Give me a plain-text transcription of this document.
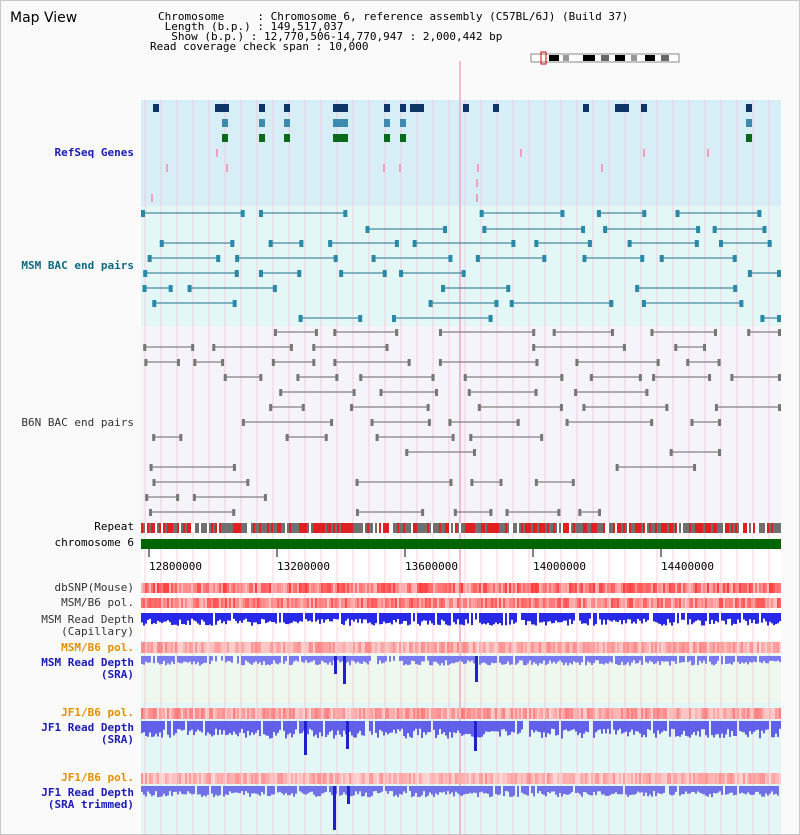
Map View	Chromosome     : Chromosome 6, reference assembly (C57BL/6J) (Build 37)
Length (b.p.) : 149,517,037
Show (b.p.) : 12,770,506-14,770,947 : 2,000,442 bp
Read coverage check span : 10,000
RefSeq Genes
MSM BAC end pairs
B6N BAC end pairs
Repeat
chromosome 6
dbSNP(Mouse)
MSM/B6 pol.
MSM Read Depth
(Capillary)
MSM/B6 pol.
MSM Read Depth
(SRA)
JF1/B6 pol.
JF1 Read Depth
(SRA)
JF1/B6 pol.
JF1 Read Depth
(SRA trimmed)
12800000	13200000	13600000	14000000	14400000
